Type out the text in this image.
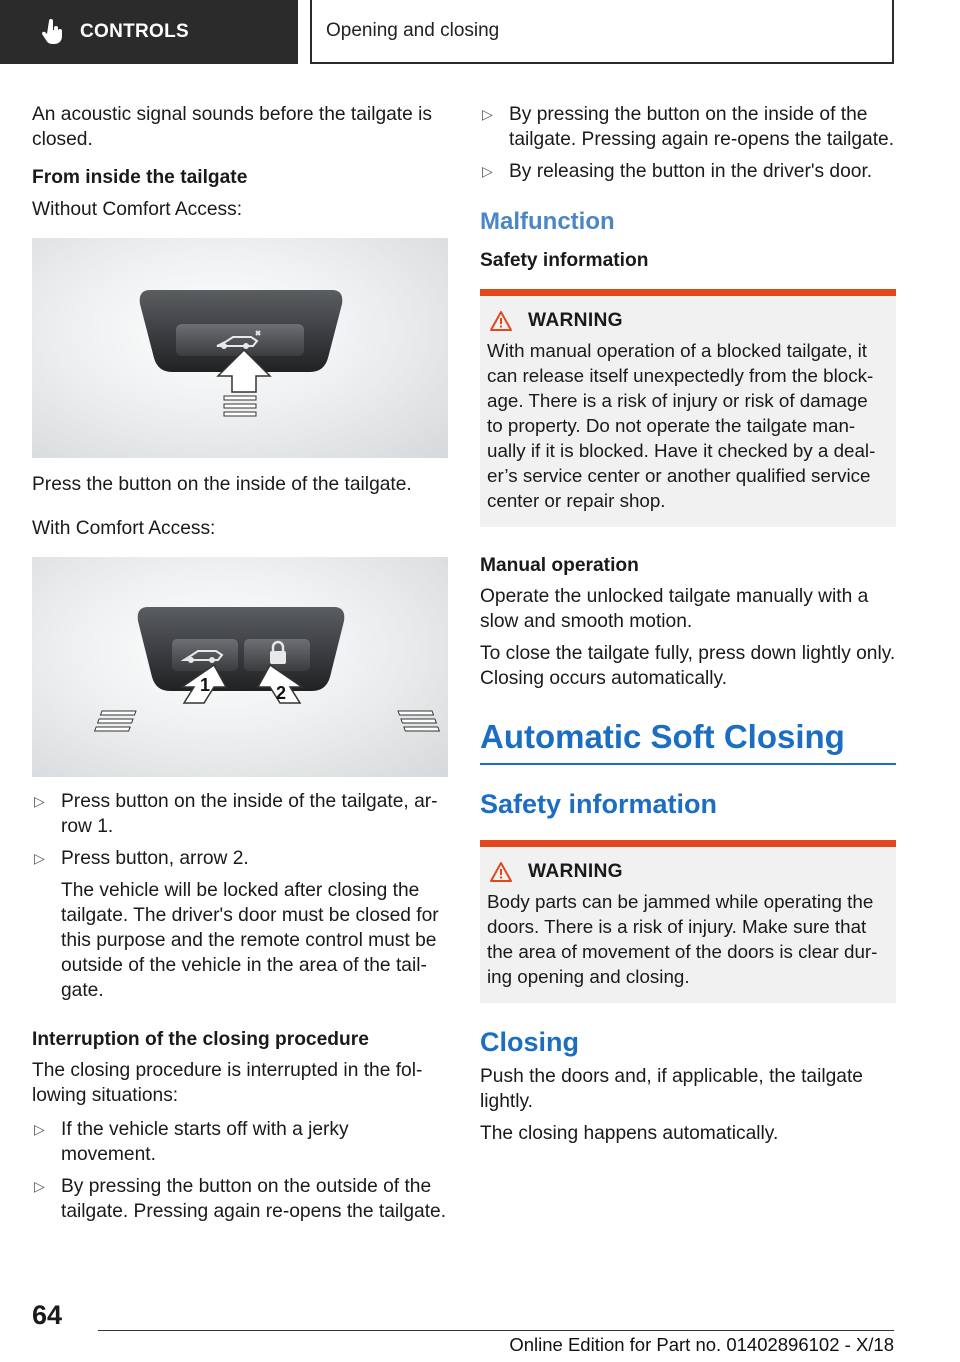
CONTROLS	Opening and closing

An acoustic signal sounds before the tailgate is closed.

From inside the tailgate

Without Comfort Access:

Press the button on the inside of the tailgate.

With Comfort Access:

1	2

▷ Press button on the inside of the tailgate, ar-row 1.

▷ Press button, arrow 2.
The vehicle will be locked after closing the tailgate. The driver's door must be closed for this purpose and the remote control must be outside of the vehicle in the area of the tail-gate.

Interruption of the closing procedure

The closing procedure is interrupted in the fol-lowing situations:

▷ If the vehicle starts off with a jerky movement.

▷ By pressing the button on the outside of the tailgate. Pressing again re-opens the tailgate.

▷ By pressing the button on the inside of the tailgate. Pressing again re-opens the tailgate.

▷ By releasing the button in the driver's door.

Malfunction

Safety information

WARNING

With manual operation of a blocked tailgate, it can release itself unexpectedly from the block-age. There is a risk of injury or risk of damage to property. Do not operate the tailgate man-ually if it is blocked. Have it checked by a deal-er’s service center or another qualified service center or repair shop.

Manual operation

Operate the unlocked tailgate manually with a slow and smooth motion.

To close the tailgate fully, press down lightly only. Closing occurs automatically.

Automatic Soft Closing
Safety information
WARNING

Body parts can be jammed while operating the doors. There is a risk of injury. Make sure that the area of movement of the doors is clear dur-ing opening and closing.

Closing

Push the doors and, if applicable, the tailgate lightly.

The closing happens automatically.

64
Online Edition for Part no. 01402896102 - X/18
